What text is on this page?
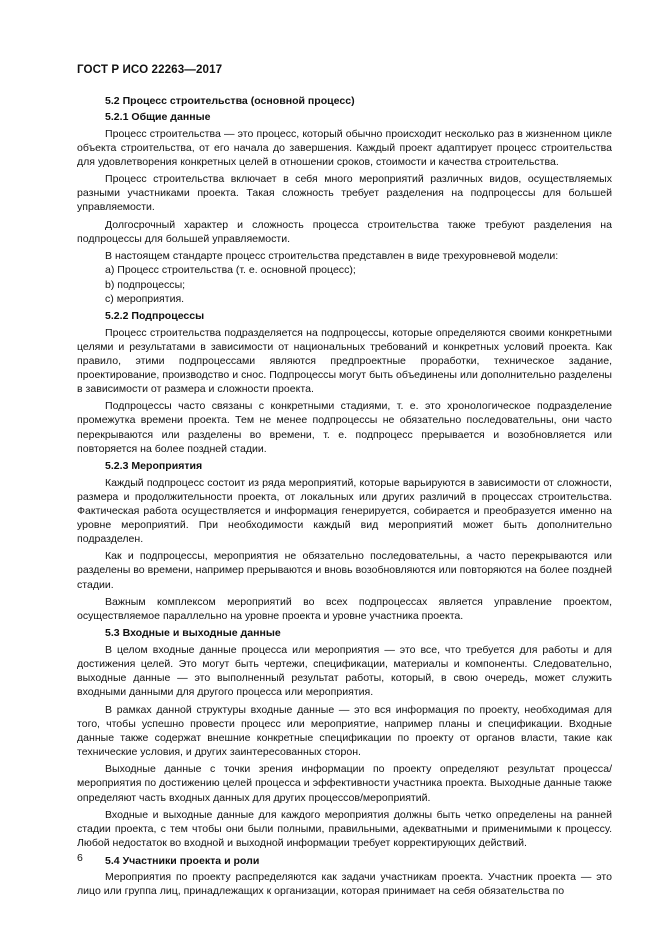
ГОСТ Р ИСО 22263—2017
5.2 Процесс строительства (основной процесс)
5.2.1 Общие данные
Процесс строительства — это процесс, который обычно происходит несколько раз в жизненном цикле объекта строительства, от его начала до завершения. Каждый проект адаптирует процесс строительства для удовлетворения конкретных целей в отношении сроков, стоимости и качества строительства.
Процесс строительства включает в себя много мероприятий различных видов, осуществляемых разными участниками проекта. Такая сложность требует разделения на подпроцессы для большей управляемости.
Долгосрочный характер и сложность процесса строительства также требуют разделения на подпроцессы для большей управляемости.
В настоящем стандарте процесс строительства представлен в виде трехуровневой модели:
a) Процесс строительства (т. е. основной процесс);
b) подпроцессы;
c) мероприятия.
5.2.2 Подпроцессы
Процесс строительства подразделяется на подпроцессы, которые определяются своими конкретными целями и результатами в зависимости от национальных требований и конкретных условий проекта. Как правило, этими подпроцессами являются предпроектные проработки, техническое задание, проектирование, производство и снос. Подпроцессы могут быть объединены или дополнительно разделены в зависимости от размера и сложности проекта.
Подпроцессы часто связаны с конкретными стадиями, т. е. это хронологическое подразделение промежутка времени проекта. Тем не менее подпроцессы не обязательно последовательны, они часто перекрываются или разделены во времени, т. е. подпроцесс прерывается и возобновляется или повторяется на более поздней стадии.
5.2.3 Мероприятия
Каждый подпроцесс состоит из ряда мероприятий, которые варьируются в зависимости от сложности, размера и продолжительности проекта, от локальных или других различий в процессах строительства. Фактическая работа осуществляется и информация генерируется, собирается и преобразуется именно на уровне мероприятий. При необходимости каждый вид мероприятий может быть дополнительно подразделен.
Как и подпроцессы, мероприятия не обязательно последовательны, а часто перекрываются или разделены во времени, например прерываются и вновь возобновляются или повторяются на более поздней стадии.
Важным комплексом мероприятий во всех подпроцессах является управление проектом, осуществляемое параллельно на уровне проекта и уровне участника проекта.
5.3 Входные и выходные данные
В целом входные данные процесса или мероприятия — это все, что требуется для работы и для достижения целей. Это могут быть чертежи, спецификации, материалы и компоненты. Следовательно, выходные данные — это выполненный результат работы, который, в свою очередь, может служить входными данными для другого процесса или мероприятия.
В рамках данной структуры входные данные — это вся информация по проекту, необходимая для того, чтобы успешно провести процесс или мероприятие, например планы и спецификации. Входные данные также содержат внешние конкретные спецификации по проекту от органов власти, такие как технические условия, и других заинтересованных сторон.
Выходные данные с точки зрения информации по проекту определяют результат процесса/мероприятия по достижению целей процесса и эффективности участника проекта. Выходные данные также определяют часть входных данных для других процессов/мероприятий.
Входные и выходные данные для каждого мероприятия должны быть четко определены на ранней стадии проекта, с тем чтобы они были полными, правильными, адекватными и применимыми к процессу. Любой недостаток во входной и выходной информации требует корректирующих действий.
5.4 Участники проекта и роли
Мероприятия по проекту распределяются как задачи участникам проекта. Участник проекта — это лицо или группа лиц, принадлежащих к организации, которая принимает на себя обязательства по
6
